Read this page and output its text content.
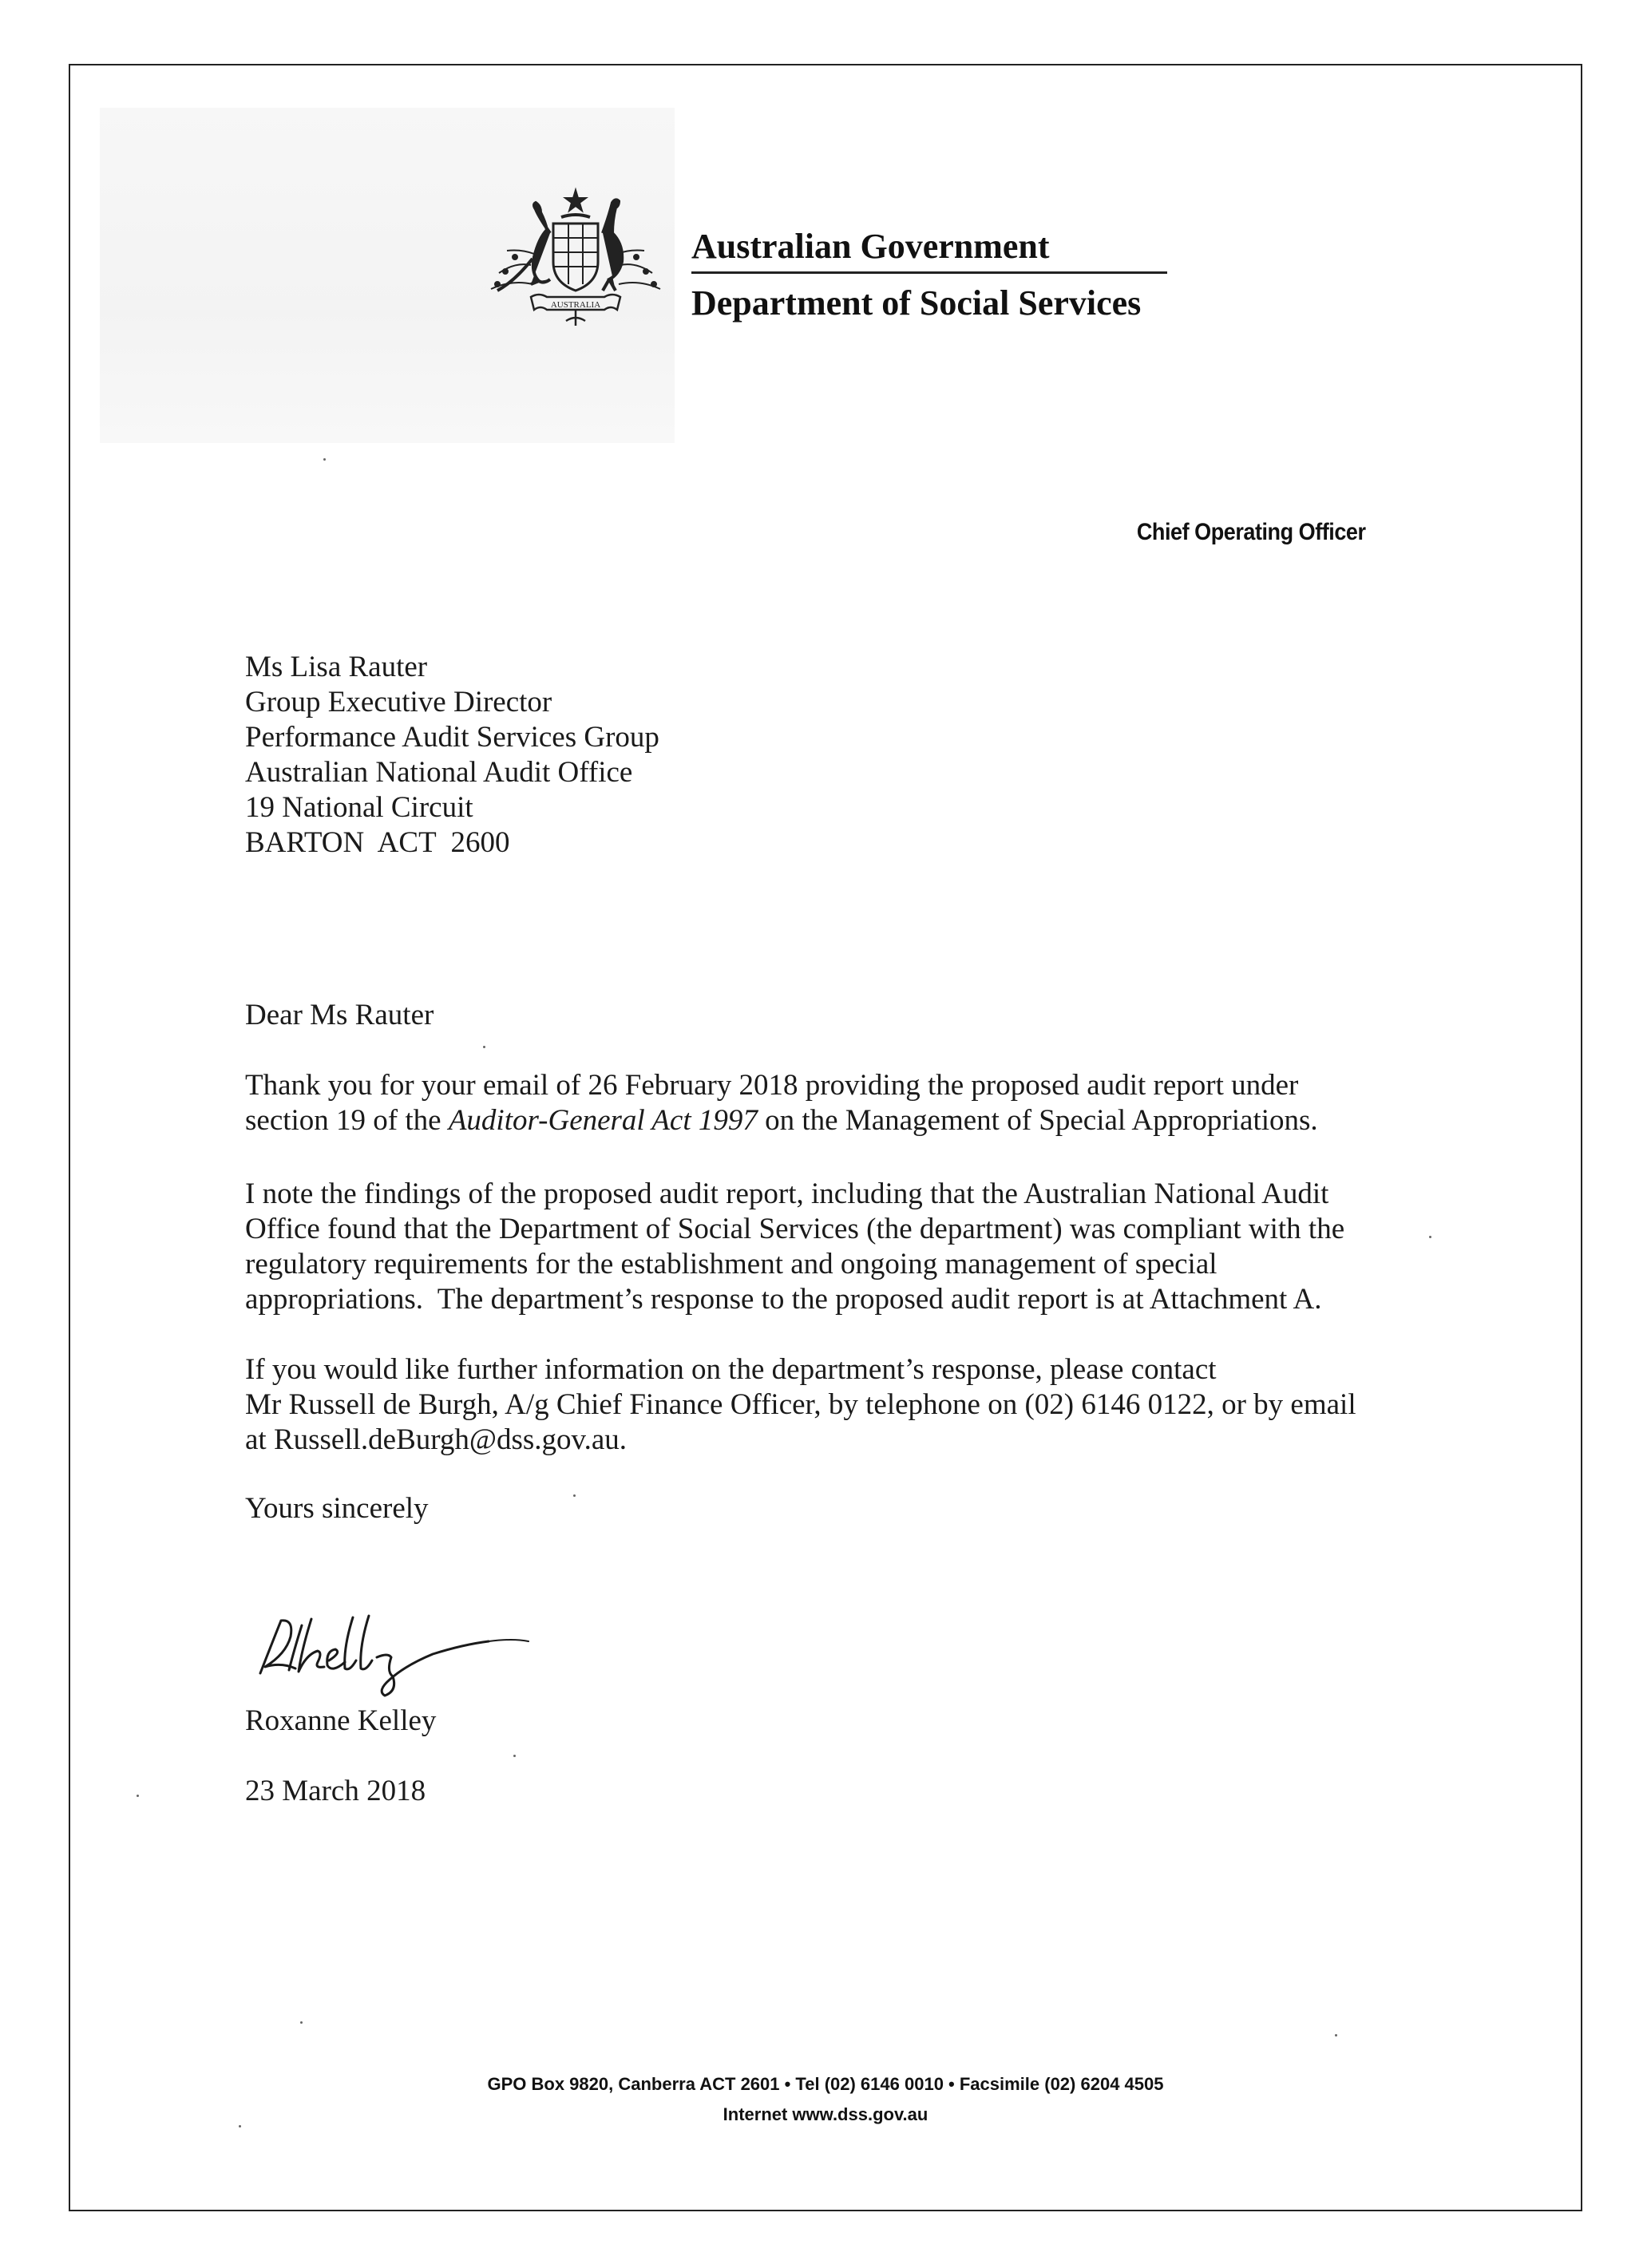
AUSTRALIA
Australian Government
Department of Social Services
Chief Operating Officer
Ms Lisa Rauter
Group Executive Director
Performance Audit Services Group
Australian National Audit Office
19 National Circuit
BARTON  ACT  2600
Dear Ms Rauter
Thank you for your email of 26 February 2018 providing the proposed audit report under
section 19 of the Auditor-General Act 1997 on the Management of Special Appropriations.
I note the findings of the proposed audit report, including that the Australian National Audit
Office found that the Department of Social Services (the department) was compliant with the
regulatory requirements for the establishment and ongoing management of special
appropriations.  The department’s response to the proposed audit report is at Attachment A.
If you would like further information on the department’s response, please contact
Mr Russell de Burgh, A/g Chief Finance Officer, by telephone on (02) 6146 0122, or by email
at Russell.deBurgh@dss.gov.au.
Yours sincerely
Roxanne Kelley
23 March 2018
GPO Box 9820, Canberra ACT 2601 • Tel (02) 6146 0010 • Facsimile (02) 6204 4505
Internet www.dss.gov.au
